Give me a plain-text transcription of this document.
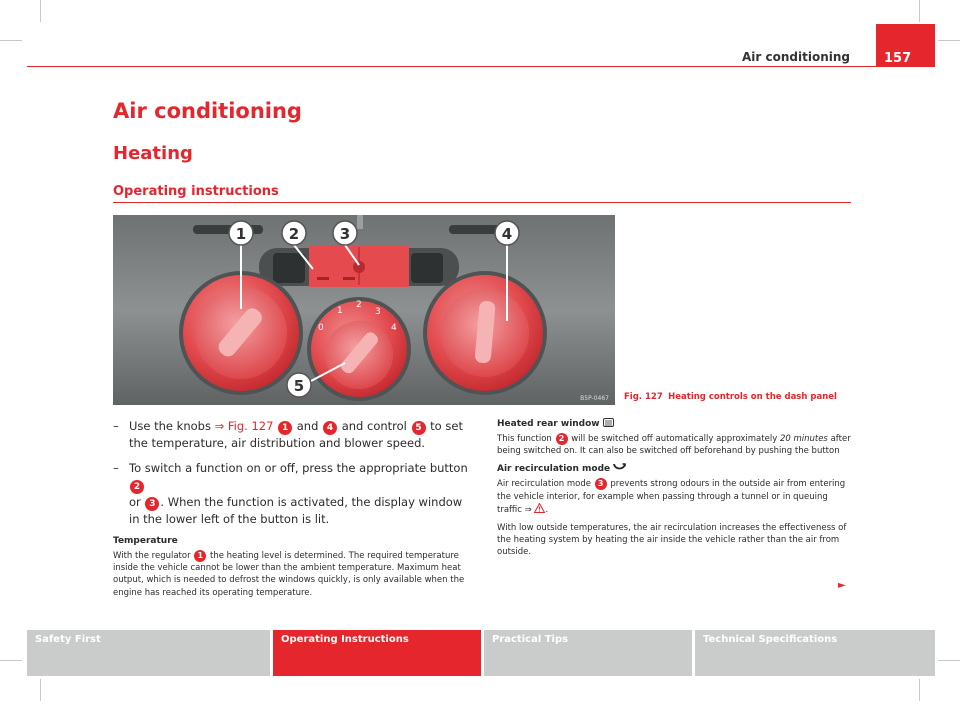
Air conditioning	157
Air conditioning
Heating
Operating instructions
0
1
2
3
4
1	2	3	4
5
B5P-0467 Fig. 127 Heating controls on the dash panel
– Use the knobs ⇒ Fig. 127 1 and 4 and control 5 to set the temperature, air distribution and blower speed.
– To switch a function on or off, press the appropriate button 2
or 3 . When the function is activated, the display window in the lower left of the button is lit.
Temperature
With the regulator 1 the heating level is determined. The required temperature inside the vehicle cannot be lower than the ambient temperature. Maximum heat output, which is needed to defrost the windows quickly, is only available when the engine has reached its operating temperature.
Heated rear window
This function 2 will be switched off automatically approximately 20 minutes after being switched on. It can also be switched off beforehand by pushing the button
Air recirculation mode
Air recirculation mode 3 prevents strong odours in the outside air from entering the vehicle interior, for example when passing through a tunnel or in queuing traffic ⇒ .
With low outside temperatures, the air recirculation increases the effectiveness of the heating system by heating the air inside the vehicle rather than the air from outside.
►
Safety First	Operating Instructions	Practical Tips	Technical Specifications
